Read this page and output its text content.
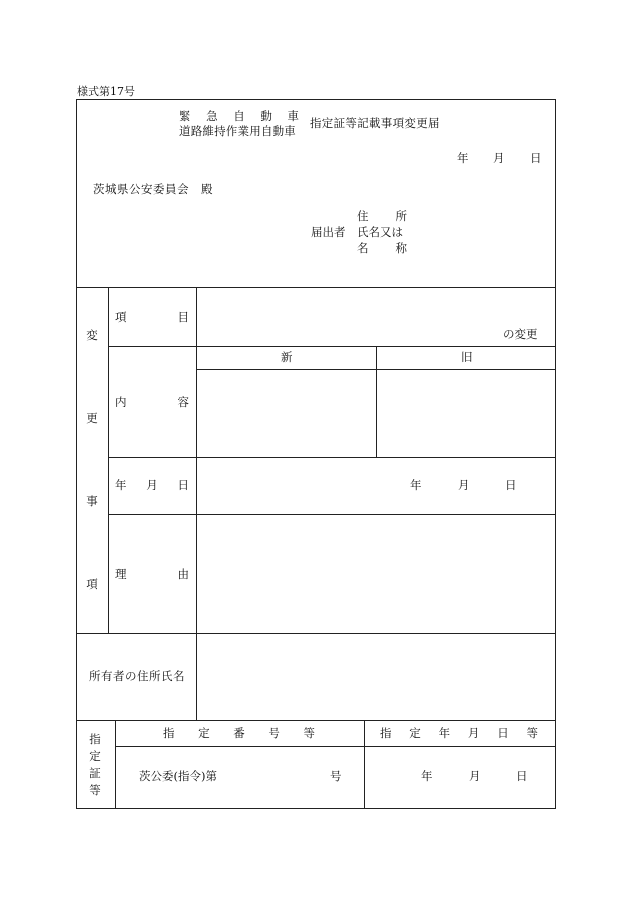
様式第17号
緊 急 自 動 車
道路維持作業用自動車
指定証等記載事項変更届
年 月 日
茨城県公安委員会　殿
届出者
住 所
氏名又は
名 称
変
更
事
項
項	目
の変更
新	旧
内	容
年 月 日	年	月	日
理	由
所有者の住所氏名
指
定
証
等
指 定 番 号 等	指 定 年 月 日 等
茨公委(指令)第	号	年	月	日
